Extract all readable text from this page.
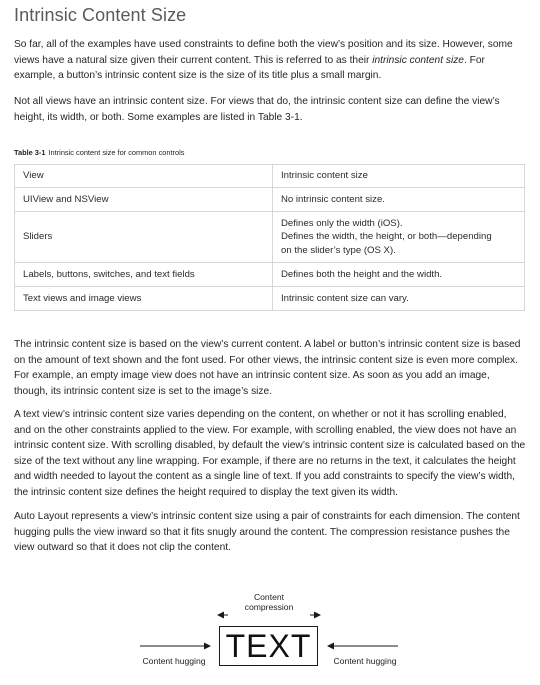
Intrinsic Content Size

So far, all of the examples have used constraints to define both the view’s position and its size. However, some views have a natural size given their current content. This is referred to as their intrinsic content size. For example, a button’s intrinsic content size is the size of its title plus a small margin.

Not all views have an intrinsic content size. For views that do, the intrinsic content size can define the view’s height, its width, or both. Some examples are listed in Table 3-1.

Table 3-1 Intrinsic content size for common controls
View	Intrinsic content size
UIView and NSView	No intrinsic content size.
Sliders	Defines only the width (iOS).
Defines the width, the height, or both—depending
on the slider’s type (OS X).

Labels, buttons, switches, and text fields	Defines both the height and the width.
Text views and image views	Intrinsic content size can vary.

The intrinsic content size is based on the view’s current content. A label or button’s intrinsic content size is based on the amount of text shown and the font used. For other views, the intrinsic content size is even more complex. For example, an empty image view does not have an intrinsic content size. As soon as you add an image, though, its intrinsic content size is set to the image’s size.

A text view’s intrinsic content size varies depending on the content, on whether or not it has scrolling enabled, and on the other constraints applied to the view. For example, with scrolling enabled, the view does not have an intrinsic content size. With scrolling disabled, by default the view’s intrinsic content size is calculated based on the size of the text without any line wrapping. For example, if there are no returns in the text, it calculates the height and width needed to layout the content as a single line of text. If you add constraints to specify the view’s width, the intrinsic content size defines the height required to display the text given its width.

Auto Layout represents a view’s intrinsic content size using a pair of constraints for each dimension. The content hugging pulls the view inward so that it fits snugly around the content. The compression resistance pushes the view outward so that it does not clip the content.

Content
compression
TEXT
Content hugging	Content hugging
